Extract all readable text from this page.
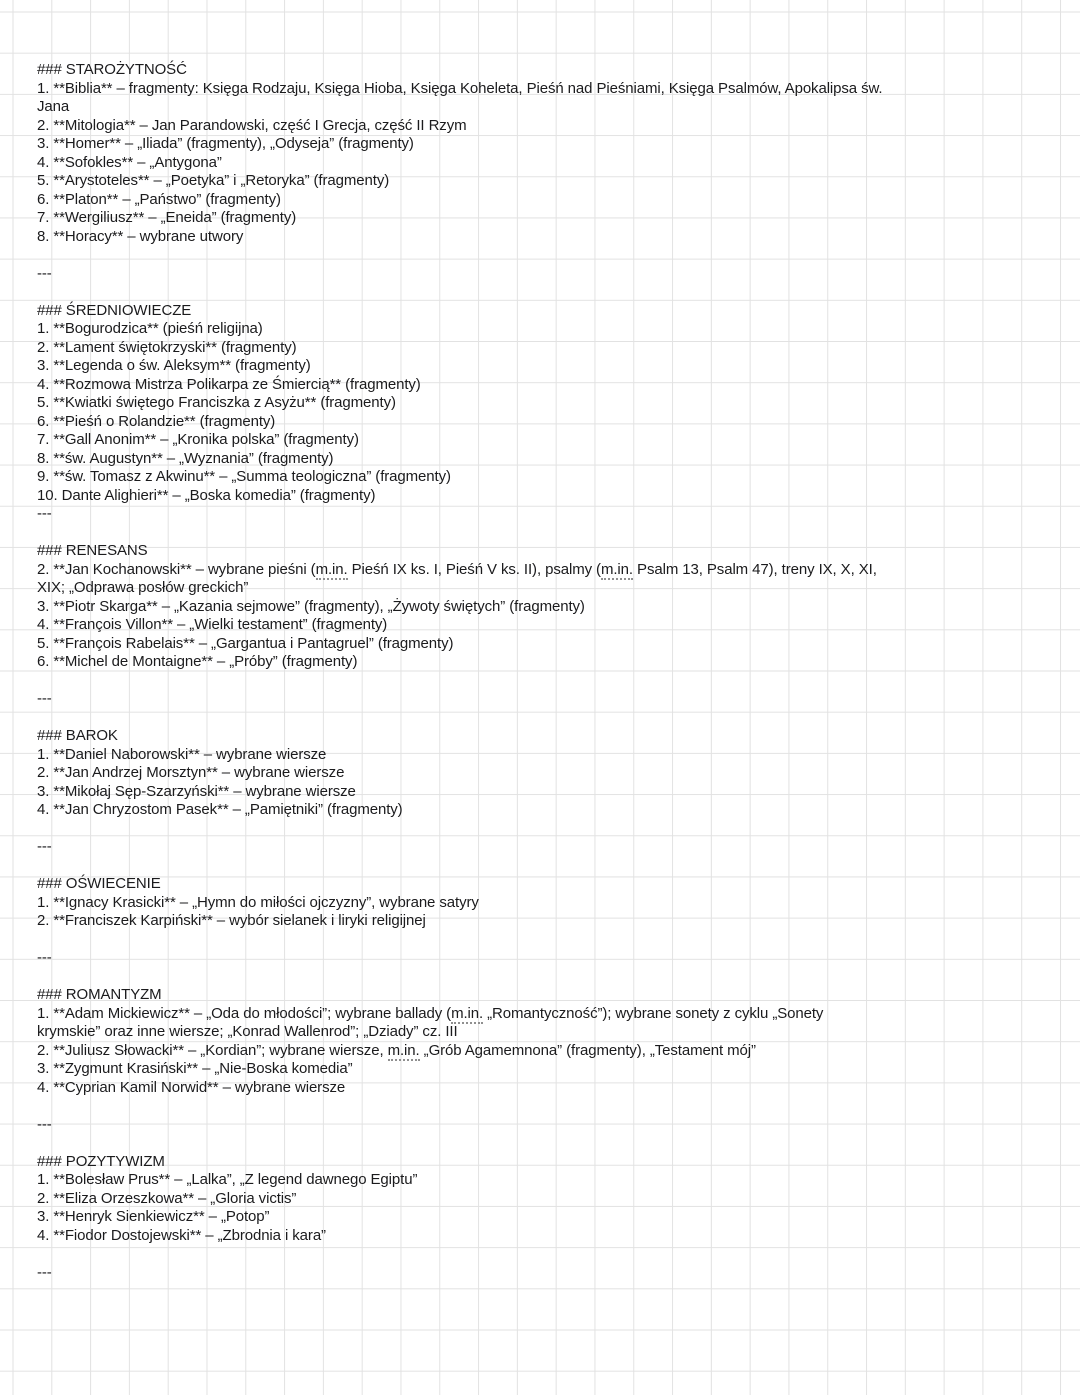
### STAROŻYTNOŚĆ
1. **Biblia** – fragmenty: Księga Rodzaju, Księga Hioba, Księga Koheleta, Pieśń nad Pieśniami, Księga Psalmów, Apokalipsa św.
Jana
2. **Mitologia** – Jan Parandowski, część I Grecja, część II Rzym
3. **Homer** – „Iliada” (fragmenty), „Odyseja” (fragmenty)
4. **Sofokles** – „Antygona”
5. **Arystoteles** – „Poetyka” i „Retoryka” (fragmenty)
6. **Platon** – „Państwo” (fragmenty)
7. **Wergiliusz** – „Eneida” (fragmenty)
8. **Horacy** – wybrane utwory
---
### ŚREDNIOWIECZE
1. **Bogurodzica** (pieśń religijna)
2. **Lament świętokrzyski** (fragmenty)
3. **Legenda o św. Aleksym** (fragmenty)
4. **Rozmowa Mistrza Polikarpa ze Śmiercią** (fragmenty)
5. **Kwiatki świętego Franciszka z Asyżu** (fragmenty)
6. **Pieśń o Rolandzie** (fragmenty)
7. **Gall Anonim** – „Kronika polska” (fragmenty)
8. **św. Augustyn** – „Wyznania” (fragmenty)
9. **św. Tomasz z Akwinu** – „Summa teologiczna” (fragmenty)
10. Dante Alighieri** – „Boska komedia” (fragmenty)
---
### RENESANS
2. **Jan Kochanowski** – wybrane pieśni (m.in. Pieśń IX ks. I, Pieśń V ks. II), psalmy (m.in. Psalm 13, Psalm 47), treny IX, X, XI,
XIX; „Odprawa posłów greckich”
3. **Piotr Skarga** – „Kazania sejmowe” (fragmenty), „Żywoty świętych” (fragmenty)
4. **François Villon** – „Wielki testament” (fragmenty)
5. **François Rabelais** – „Gargantua i Pantagruel” (fragmenty)
6. **Michel de Montaigne** – „Próby” (fragmenty)
---
### BAROK
1. **Daniel Naborowski** – wybrane wiersze
2. **Jan Andrzej Morsztyn** – wybrane wiersze
3. **Mikołaj Sęp-Szarzyński** – wybrane wiersze
4. **Jan Chryzostom Pasek** – „Pamiętniki” (fragmenty)
---
### OŚWIECENIE
1. **Ignacy Krasicki** – „Hymn do miłości ojczyzny”, wybrane satyry
2. **Franciszek Karpiński** – wybór sielanek i liryki religijnej
---
### ROMANTYZM
1. **Adam Mickiewicz** – „Oda do młodości”; wybrane ballady (m.in. „Romantyczność”); wybrane sonety z cyklu „Sonety
krymskie” oraz inne wiersze; „Konrad Wallenrod”; „Dziady” cz. III
2. **Juliusz Słowacki** – „Kordian”; wybrane wiersze, m.in. „Grób Agamemnona” (fragmenty), „Testament mój”
3. **Zygmunt Krasiński** – „Nie-Boska komedia”
4. **Cyprian Kamil Norwid** – wybrane wiersze
---
### POZYTYWIZM
1. **Bolesław Prus** – „Lalka”, „Z legend dawnego Egiptu”
2. **Eliza Orzeszkowa** – „Gloria victis”
3. **Henryk Sienkiewicz** – „Potop”
4. **Fiodor Dostojewski** – „Zbrodnia i kara”
---
